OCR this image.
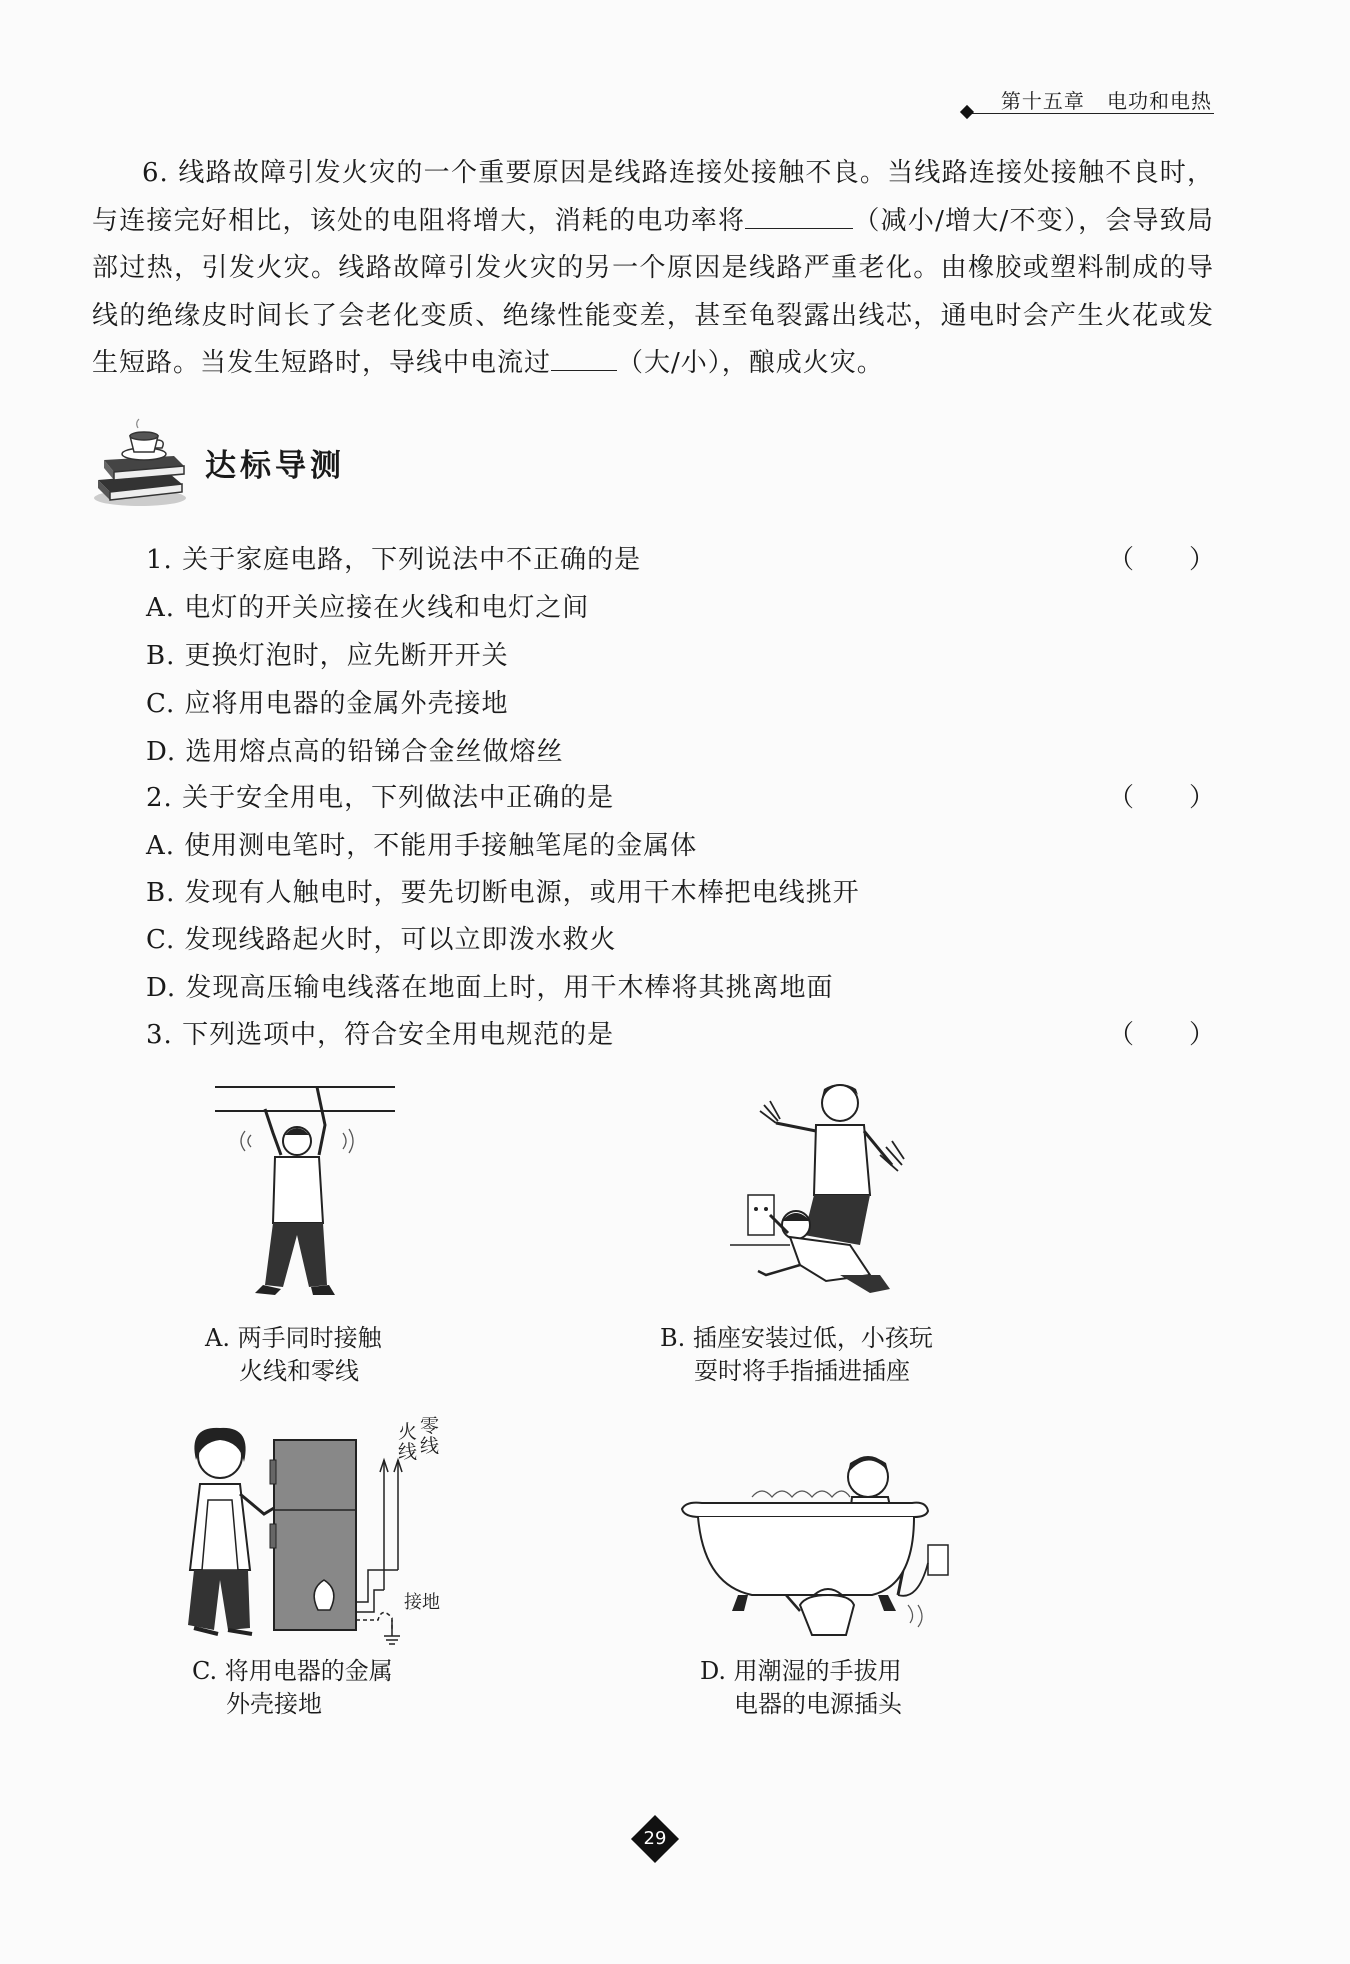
第十五章 电功和电热
6. 线路故障引发火灾的一个重要原因是线路连接处接触不良。当线路连接处接触不良时，与连接完好相比，该处的电阻将增大，消耗的电功率将	（减小/增大/不变），会导致局部过热，引发火灾。线路故障引发火灾的另一个原因是线路严重老化。由橡胶或塑料制成的导线的绝缘皮时间长了会老化变质、绝缘性能变差，甚至龟裂露出线芯，通电时会产生火花或发生短路。当发生短路时，导线中电流过	（大/小），酿成火灾。
达标导测
1. 关于家庭电路，下列说法中不正确的是	（　　）
A. 电灯的开关应接在火线和电灯之间
B. 更换灯泡时，应先断开开关
C. 应将用电器的金属外壳接地
D. 选用熔点高的铅锑合金丝做熔丝
2. 关于安全用电，下列做法中正确的是	（　　）
A. 使用测电笔时，不能用手接触笔尾的金属体
B. 发现有人触电时，要先切断电源，或用干木棒把电线挑开
C. 发现线路起火时，可以立即泼水救火
D. 发现高压输电线落在地面上时，用干木棒将其挑离地面
3. 下列选项中，符合安全用电规范的是	（　　）
A. 两手同时接触
火线和零线
B. 插座安装过低，小孩玩
耍时将手指插进插座
火
线
零
线
接地
C. 将用电器的金属
外壳接地
D. 用潮湿的手拔用
电器的电源插头
29
